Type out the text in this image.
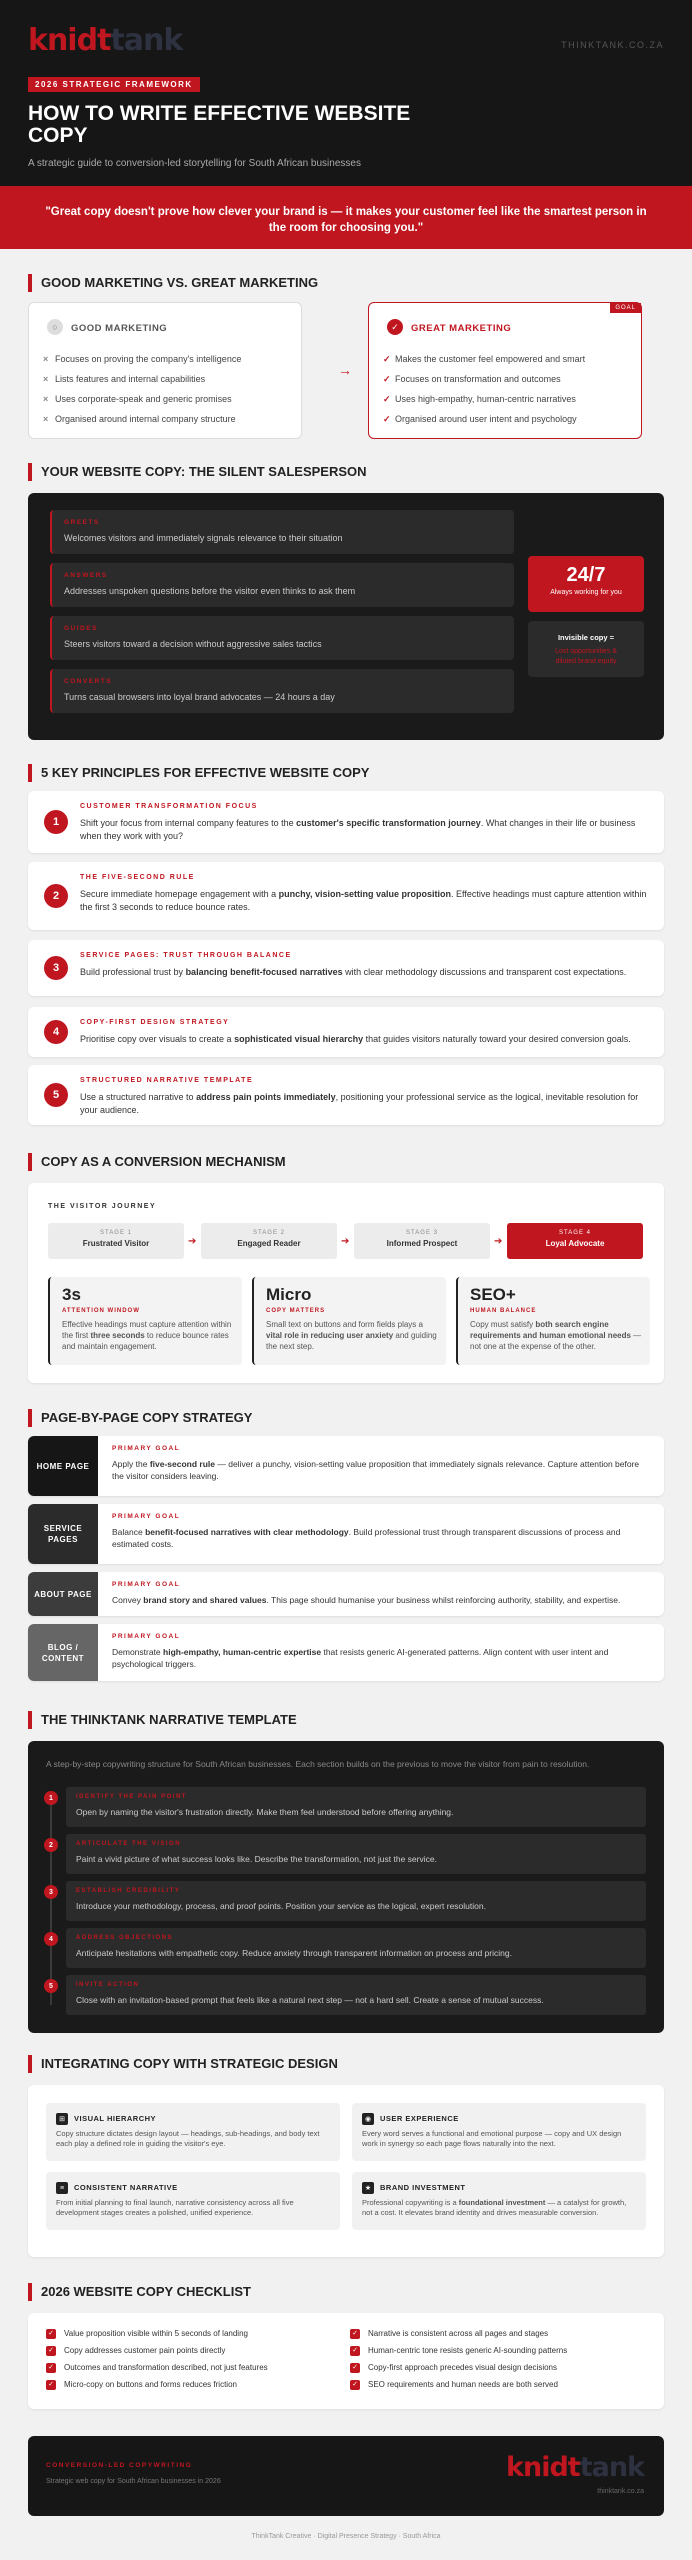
knidttank	THINKTANK.CO.ZA
2026 STRATEGIC FRAMEWORK
HOW TO WRITE EFFECTIVE WEBSITE COPY
A strategic guide to conversion-led storytelling for South African businesses
"Great copy doesn't prove how clever your brand is — it makes your customer feel like the smartest person in the room for choosing you."
GOOD MARKETING VS. GREAT MARKETING
○	GOOD MARKETING
× Focuses on proving the company's intelligence
× Lists features and internal capabilities
× Uses corporate-speak and generic promises
× Organised around internal company structure
→
GOAL
✓	GREAT MARKETING
✓ Makes the customer feel empowered and smart
✓ Focuses on transformation and outcomes
✓ Uses high-empathy, human-centric narratives
✓ Organised around user intent and psychology
YOUR WEBSITE COPY: THE SILENT SALESPERSON
GREETS
Welcomes visitors and immediately signals relevance to their situation
ANSWERS
Addresses unspoken questions before the visitor even thinks to ask them
GUIDES
Steers visitors toward a decision without aggressive sales tactics
CONVERTS
Turns casual browsers into loyal brand advocates — 24 hours a day
24/7
Always working for you
Invisible copy =
Lost opportunities & diluted brand equity
5 KEY PRINCIPLES FOR EFFECTIVE WEBSITE COPY
1
CUSTOMER TRANSFORMATION FOCUS
Shift your focus from internal company features to the customer's specific transformation journey. What changes in their life or business when they work with you?
2
THE FIVE-SECOND RULE
Secure immediate homepage engagement with a punchy, vision-setting value proposition. Effective headings must capture attention within the first 3 seconds to reduce bounce rates.
3
SERVICE PAGES: TRUST THROUGH BALANCE
Build professional trust by balancing benefit-focused narratives with clear methodology discussions and transparent cost expectations.
4
COPY-FIRST DESIGN STRATEGY
Prioritise copy over visuals to create a sophisticated visual hierarchy that guides visitors naturally toward your desired conversion goals.
5
STRUCTURED NARRATIVE TEMPLATE
Use a structured narrative to address pain points immediately, positioning your professional service as the logical, inevitable resolution for your audience.
COPY AS A CONVERSION MECHANISM
THE VISITOR JOURNEY
STAGE 1
Frustrated Visitor	➔
STAGE 2
Engaged Reader	➔
STAGE 3
Informed Prospect	➔
STAGE 4
Loyal Advocate
3s
ATTENTION WINDOW
Effective headings must capture attention within the first three seconds to reduce bounce rates and maintain engagement.
Micro
COPY MATTERS
Small text on buttons and form fields plays a vital role in reducing user anxiety and guiding the next step.
SEO+
HUMAN BALANCE
Copy must satisfy both search engine requirements and human emotional needs — not one at the expense of the other.
PAGE-BY-PAGE COPY STRATEGY
HOME PAGE
PRIMARY GOAL
Apply the five-second rule — deliver a punchy, vision-setting value proposition that immediately signals relevance. Capture attention before the visitor considers leaving.
SERVICE PAGES
PRIMARY GOAL
Balance benefit-focused narratives with clear methodology. Build professional trust through transparent discussions of process and estimated costs.
ABOUT PAGE
PRIMARY GOAL
Convey brand story and shared values. This page should humanise your business whilst reinforcing authority, stability, and expertise.
BLOG / CONTENT
PRIMARY GOAL
Demonstrate high-empathy, human-centric expertise that resists generic AI-generated patterns. Align content with user intent and psychological triggers.
THE THINKTANK NARRATIVE TEMPLATE
A step-by-step copywriting structure for South African businesses. Each section builds on the previous to move the visitor from pain to resolution.
1	IDENTIFY THE PAIN POINT
Open by naming the visitor's frustration directly. Make them feel understood before offering anything.
2	ARTICULATE THE VISION
Paint a vivid picture of what success looks like. Describe the transformation, not just the service.
3	ESTABLISH CREDIBILITY
Introduce your methodology, process, and proof points. Position your service as the logical, expert resolution.
4	ADDRESS OBJECTIONS
Anticipate hesitations with empathetic copy. Reduce anxiety through transparent information on process and pricing.
5	INVITE ACTION
Close with an invitation-based prompt that feels like a natural next step — not a hard sell. Create a sense of mutual success.
INTEGRATING COPY WITH STRATEGIC DESIGN
⊞	VISUAL HIERARCHY
Copy structure dictates design layout — headings, sub-headings, and body text each play a defined role in guiding the visitor's eye.
◉	USER EXPERIENCE
Every word serves a functional and emotional purpose — copy and UX design work in synergy so each page flows naturally into the next.
≡	CONSISTENT NARRATIVE
From initial planning to final launch, narrative consistency across all five development stages creates a polished, unified experience.
★	BRAND INVESTMENT
Professional copywriting is a foundational investment — a catalyst for growth, not a cost. It elevates brand identity and drives measurable conversion.
2026 WEBSITE COPY CHECKLIST
✓ Value proposition visible within 5 seconds of landing
✓ Copy addresses customer pain points directly
✓ Outcomes and transformation described, not just features
✓ Micro-copy on buttons and forms reduces friction
✓ Narrative is consistent across all pages and stages
✓ Human-centric tone resists generic AI-sounding patterns
✓ Copy-first approach precedes visual design decisions
✓ SEO requirements and human needs are both served
CONVERSION-LED COPYWRITING
Strategic web copy for South African businesses in 2026	knidttank
thinktank.co.za
ThinkTank Creative · Digital Presence Strategy · South Africa
